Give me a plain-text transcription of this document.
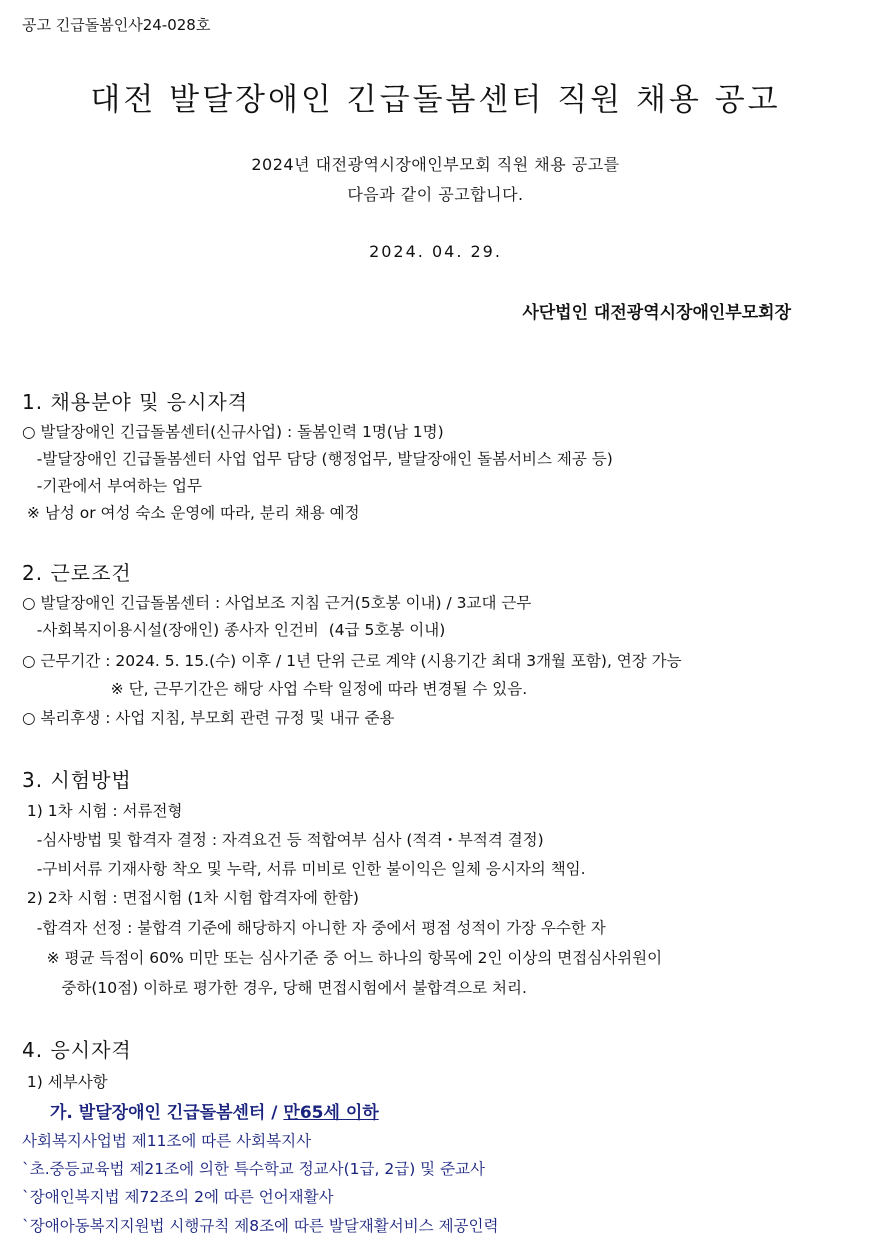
공고 긴급돌봄인사24-028호
대전 발달장애인 긴급돌봄센터 직원 채용 공고
2024년 대전광역시장애인부모회 직원 채용 공고를
다음과 같이 공고합니다.
2024. 04. 29.
사단법인 대전광역시장애인부모회장
1. 채용분야 및 응시자격
○ 발달장애인 긴급돌봄센터(신규사업) : 돌봄인력 1명(남 1명)
-발달장애인 긴급돌봄센터 사업 업무 담당 (행정업무, 발달장애인 돌봄서비스 제공 등)
-기관에서 부여하는 업무
※ 남성 or 여성 숙소 운영에 따라, 분리 채용 예정
2. 근로조건
○ 발달장애인 긴급돌봄센터 : 사업보조 지침 근거(5호봉 이내) / 3교대 근무
-사회복지이용시설(장애인) 종사자 인건비  (4급 5호봉 이내)
○ 근무기간 : 2024. 5. 15.(수) 이후 / 1년 단위 근로 계약 (시용기간 최대 3개월 포함), 연장 가능
※ 단, 근무기간은 해당 사업 수탁 일정에 따라 변경될 수 있음.
○ 복리후생 : 사업 지침, 부모회 관련 규정 및 내규 준용
3. 시험방법
1) 1차 시험 : 서류전형
-심사방법 및 합격자 결정 : 자격요건 등 적합여부 심사 (적격・부적격 결정)
-구비서류 기재사항 착오 및 누락, 서류 미비로 인한 불이익은 일체 응시자의 책임.
2) 2차 시험 : 면접시험 (1차 시험 합격자에 한함)
-합격자 선정 : 불합격 기준에 해당하지 아니한 자 중에서 평점 성적이 가장 우수한 자
※ 평균 득점이 60% 미만 또는 심사기준 중 어느 하나의 항목에 2인 이상의 면접심사위원이
중하(10점) 이하로 평가한 경우, 당해 면접시험에서 불합격으로 처리.
4. 응시자격
1) 세부사항
가. 발달장애인 긴급돌봄센터 / 만65세 이하
사회복지사업법 제11조에 따른 사회복지사
`초.중등교육법 제21조에 의한 특수학교 정교사(1급, 2급) 및 준교사
`장애인복지법 제72조의 2에 따른 언어재활사
`장애아동복지지원법 시행규칙 제8조에 따른 발달재활서비스 제공인력
